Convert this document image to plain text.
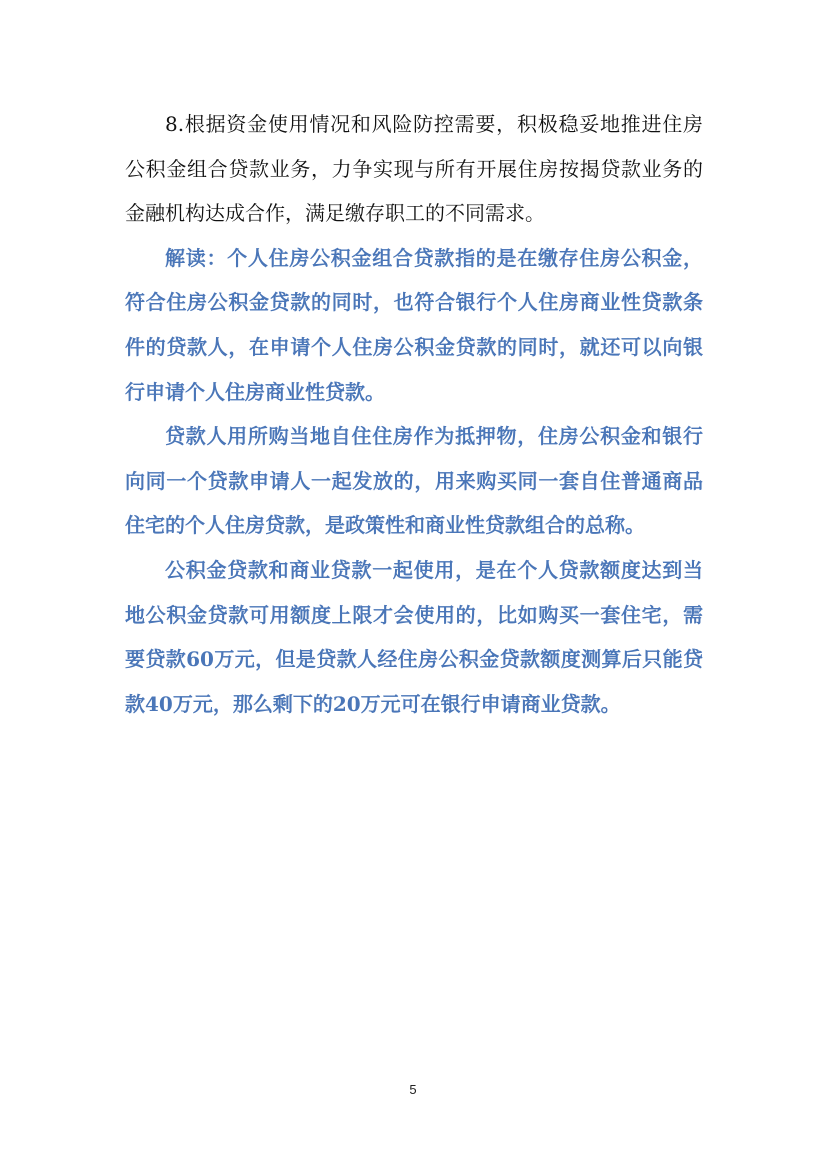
8.根据资金使用情况和风险防控需要，积极稳妥地推进住房公积金组合贷款业务，力争实现与所有开展住房按揭贷款业务的金融机构达成合作，满足缴存职工的不同需求。

解读：个人住房公积金组合贷款指的是在缴存住房公积金，符合住房公积金贷款的同时，也符合银行个人住房商业性贷款条件的贷款人，在申请个人住房公积金贷款的同时，就还可以向银行申请个人住房商业性贷款。

贷款人用所购当地自住住房作为抵押物，住房公积金和银行向同一个贷款申请人一起发放的，用来购买同一套自住普通商品住宅的个人住房贷款，是政策性和商业性贷款组合的总称。

公积金贷款和商业贷款一起使用，是在个人贷款额度达到当地公积金贷款可用额度上限才会使用的，比如购买一套住宅，需要贷款60万元，但是贷款人经住房公积金贷款额度测算后只能贷款40万元，那么剩下的20万元可在银行申请商业贷款。

5
